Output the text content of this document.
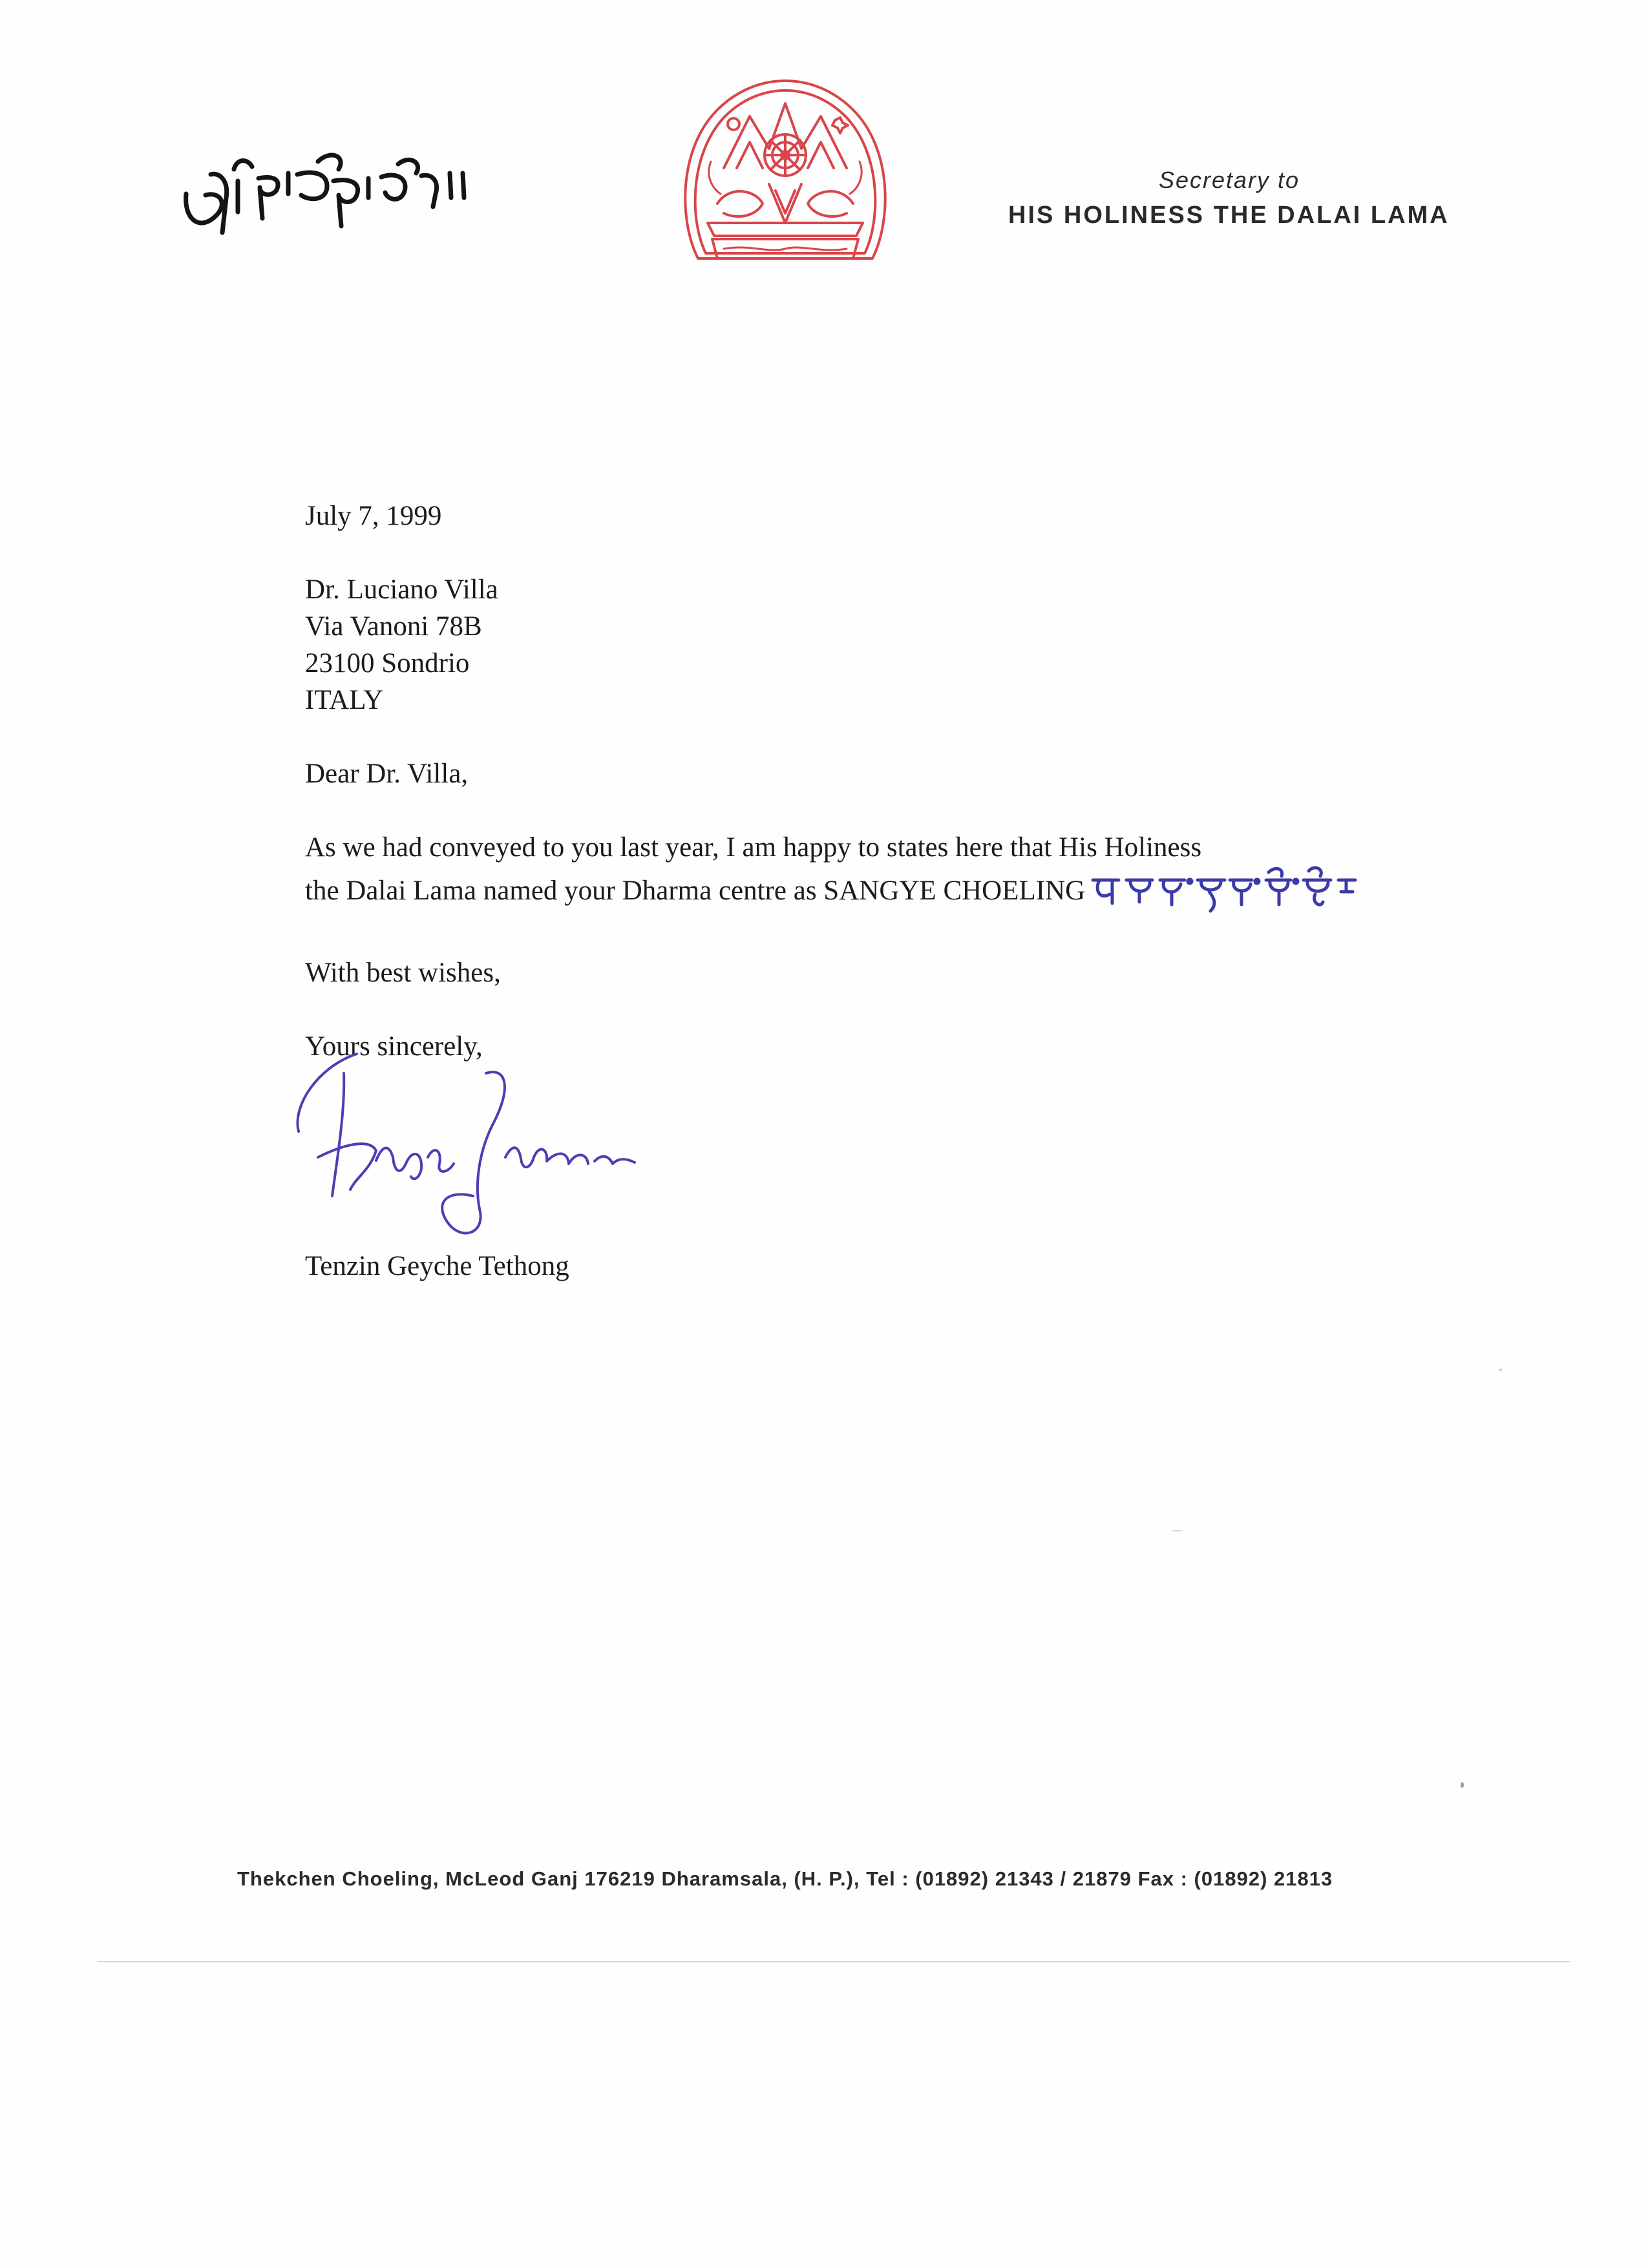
Secretary to
HIS HOLINESS THE DALAI LAMA
July 7, 1999
Dr. Luciano Villa
Via Vanoni 78B
23100 Sondrio
ITALY
Dear Dr. Villa,
As we had conveyed to you last year, I am happy to states here that His Holiness
the Dalai Lama named your Dharma centre as SANGYE CHOELING
With best wishes,
Yours sincerely,
Tenzin Geyche Tethong
Thekchen Choeling, McLeod Ganj 176219 Dharamsala, (H. P.), Tel : (01892) 21343 / 21879 Fax : (01892) 21813
